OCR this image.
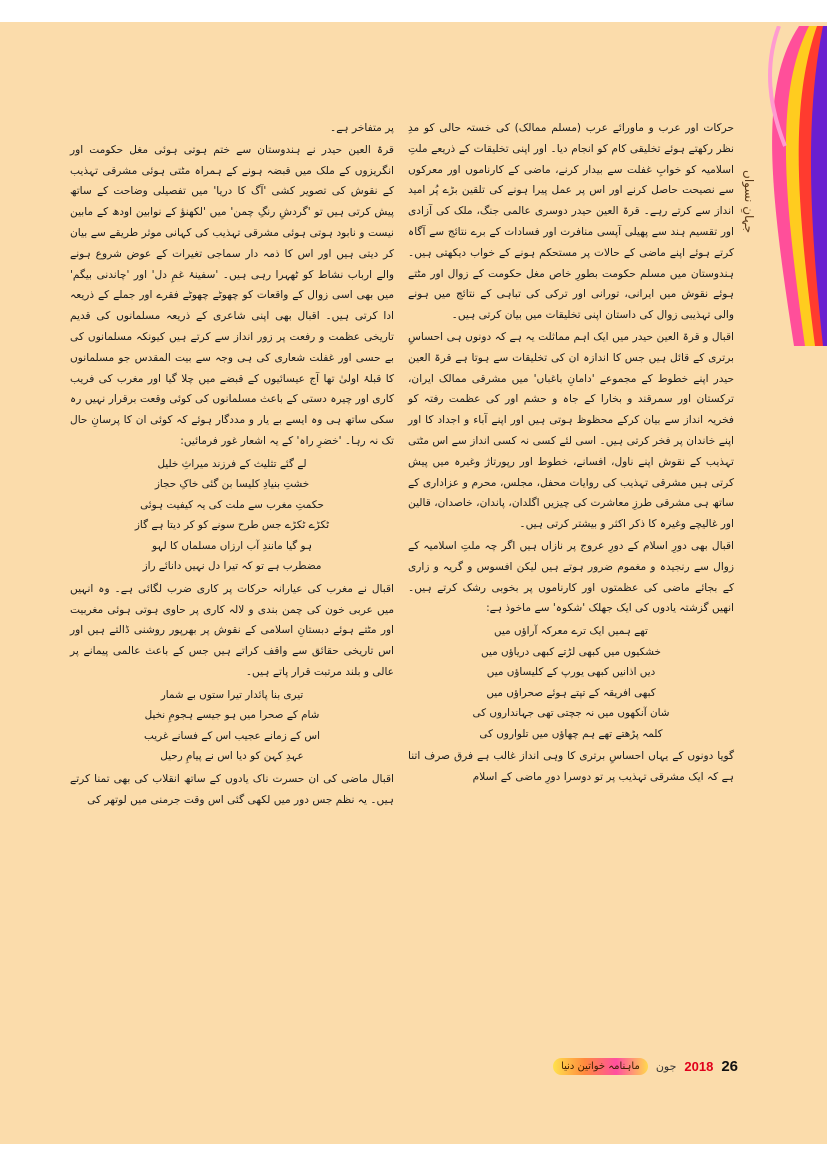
جہانِ نسواں

حرکات اور عرب و ماورائے عرب (مسلم ممالک) کی خستہ حالی کو مدِ نظر رکھتے ہوئے تخلیقی کام کو انجام دیا۔ اور اپنی تخلیقات کے ذریعے ملتِ اسلامیہ کو خوابِ غفلت سے بیدار کرنے، ماضی کے کارناموں اور معرکوں سے نصیحت حاصل کرنے اور اس پر عمل پیرا ہونے کی تلقین بڑے پُر امید انداز سے کرتے رہے۔ قرۃ العین حیدر دوسری عالمی جنگ، ملک کی آزادی اور تقسیم ہند سے پھیلی آپسی منافرت اور فسادات کے برے نتائج سے آگاہ کرتے ہوئے اپنے ماضی کے حالات پر مستحکم ہونے کے خواب دیکھتی ہیں۔ ہندوستان میں مسلم حکومت بطورِ خاص مغل حکومت کے زوال اور مٹتے ہوئے نقوش میں ایرانی، تورانی اور ترکی کی تباہی کے نتائج میں ہونے والی تہذیبی زوال کی داستان اپنی تخلیقات میں بیان کرتی ہیں۔

اقبال و قرۃ العین حیدر میں ایک اہم مماثلت یہ ہے کہ دونوں ہی احساسِ برتری کے قائل ہیں جس کا اندازہ ان کی تخلیقات سے ہوتا ہے قرۃ العین حیدر اپنے خطوط کے مجموعے 'دامانِ باغباں' میں مشرقی ممالک ایران، ترکستان اور سمرقند و بخارا کے جاہ و حشم اور کی عظمت رفتہ کو فخریہ انداز سے بیان کرکے محظوظ ہوتی ہیں اور اپنے آباء و اجداد کا اور اپنے خاندان پر فخر کرتی ہیں۔ اسی لئے کسی نہ کسی انداز سے اس مٹتی تہذیب کے نقوش اپنے ناول، افسانے، خطوط اور رپورتاژ وغیرہ میں پیش کرتی ہیں مشرقی تہذیب کی روایات محفل، مجلس، محرم و عزاداری کے ساتھ ہی مشرقی طرزِ معاشرت کی چیزیں اگلدان، پاندان، خاصدان، قالین اور غالیچے وغیرہ کا ذکر اکثر و بیشتر کرتی ہیں۔

اقبال بھی دورِ اسلام کے دورِ عروج پر نازاں ہیں اگر چہ ملتِ اسلامیہ کے زوال سے رنجیدہ و مغموم ضرور ہوتے ہیں لیکن افسوس و گریہ و زاری کے بجائے ماضی کی عظمتوں اور کارناموں پر بخوبی رشک کرتے ہیں۔ انھیں گزشتہ یادوں کی ایک جھلک 'شکوہ' سے ماخوذ ہے:

تھے ہمیں ایک ترے معرکہ آراؤں میں
خشکیوں میں کبھی لڑتے کبھی دریاؤں میں
دیں اذانیں کبھی یورپ کے کلیساؤں میں
کبھی افریقہ کے تپتے ہوئے صحراؤں میں
شان آنکھوں میں نہ جچتی تھی جہانداروں کی
کلمہ پڑھتے تھے ہم چھاؤں میں تلواروں کی

گویا دونوں کے یہاں احساسِ برتری کا وہی انداز غالب ہے فرق صرف اتنا ہے کہ ایک مشرقی تہذیب پر تو دوسرا دورِ ماضی کے اسلام

پر متفاخر ہے۔

قرۃ العین حیدر نے ہندوستان سے ختم ہوتی ہوئی مغل حکومت اور انگریزوں کے ملک میں قبضہ ہونے کے ہمراہ مٹتی ہوئی مشرقی تہذیب کے نقوش کی تصویر کشی 'آگ کا دریا' میں تفصیلی وضاحت کے ساتھ پیش کرتی ہیں تو 'گردشِ رنگِ چمن' میں 'لکھنؤ کے نوابین اودھ کے مابین نیست و نابود ہوتی ہوئی مشرقی تہذیب کی کہانی موثر طریقے سے بیان کر دیتی ہیں اور اس کا ذمہ دار سماجی تغیرات کے عوض شروع ہونے والے ارباب نشاط کو ٹھہرا رہی ہیں۔ 'سفینۂ غمِ دل' اور 'چاندنی بیگم' میں بھی اسی زوال کے واقعات کو چھوٹے چھوٹے فقرے اور جملے کے ذریعہ ادا کرتی ہیں۔ اقبال بھی اپنی شاعری کے ذریعہ مسلمانوں کی قدیم تاریخی عظمت و رفعت پر زور انداز سے کرتے ہیں کیونکہ مسلمانوں کی بے حسی اور غفلت شعاری کی ہی وجہ سے بیت المقدس جو مسلمانوں کا قبلۂ اولیٰ تھا آج عیسائیوں کے قبضے میں چلا گیا اور مغرب کی فریب کاری اور چیرہ دستی کے باعث مسلمانوں کی کوئی وقعت برقرار نہیں رہ سکی ساتھ ہی وہ ایسے بے یار و مددگار ہوئے کہ کوئی ان کا پرسانِ حال تک نہ رہا۔ 'خضرِ راہ' کے یہ اشعار غور فرمائیں:

لے گئے تثلیث کے فرزند میراثِ خلیل
خشتِ بنیادِ کلیسا بن گئی خاکِ حجاز
حکمتِ مغرب سے ملت کی یہ کیفیت ہوئی
ٹکڑے ٹکڑے جس طرح سونے کو کر دیتا ہے گاز
ہو گیا مانندِ آب ارزاں مسلماں کا لہو
مضطرب ہے تو کہ تیرا دل نہیں دانائے راز

اقبال نے مغرب کی عیارانہ حرکات پر کاری ضرب لگائی ہے۔ وہ انہیں میں عربی خون کی چمن بندی و لالہ کاری پر حاوی ہوتی ہوئی مغربیت اور مٹتے ہوئے دبستانِ اسلامی کے نقوش پر بھرپور روشنی ڈالتے ہیں اور اس تاریخی حقائق سے واقف کراتے ہیں جس کے باعث عالمی پیمانے پر عالی و بلند مرتبت قرار پاتے ہیں۔

تیری بنا پائدار تیرا ستوں بے شمار
شام کے صحرا میں ہو جیسے ہجومِ نخیل
اس کے زمانے عجیب اس کے فسانے غریب
عہدِ کہن کو دیا اس نے پیامِ رحیل

اقبال ماضی کی ان حسرت ناک یادوں کے ساتھ انقلاب کی بھی تمنا کرتے ہیں۔ یہ نظم جس دور میں لکھی گئی اس وقت جرمنی میں لوتھر کی

ماہنامہ خواتین دنیا	جون 2018 26
